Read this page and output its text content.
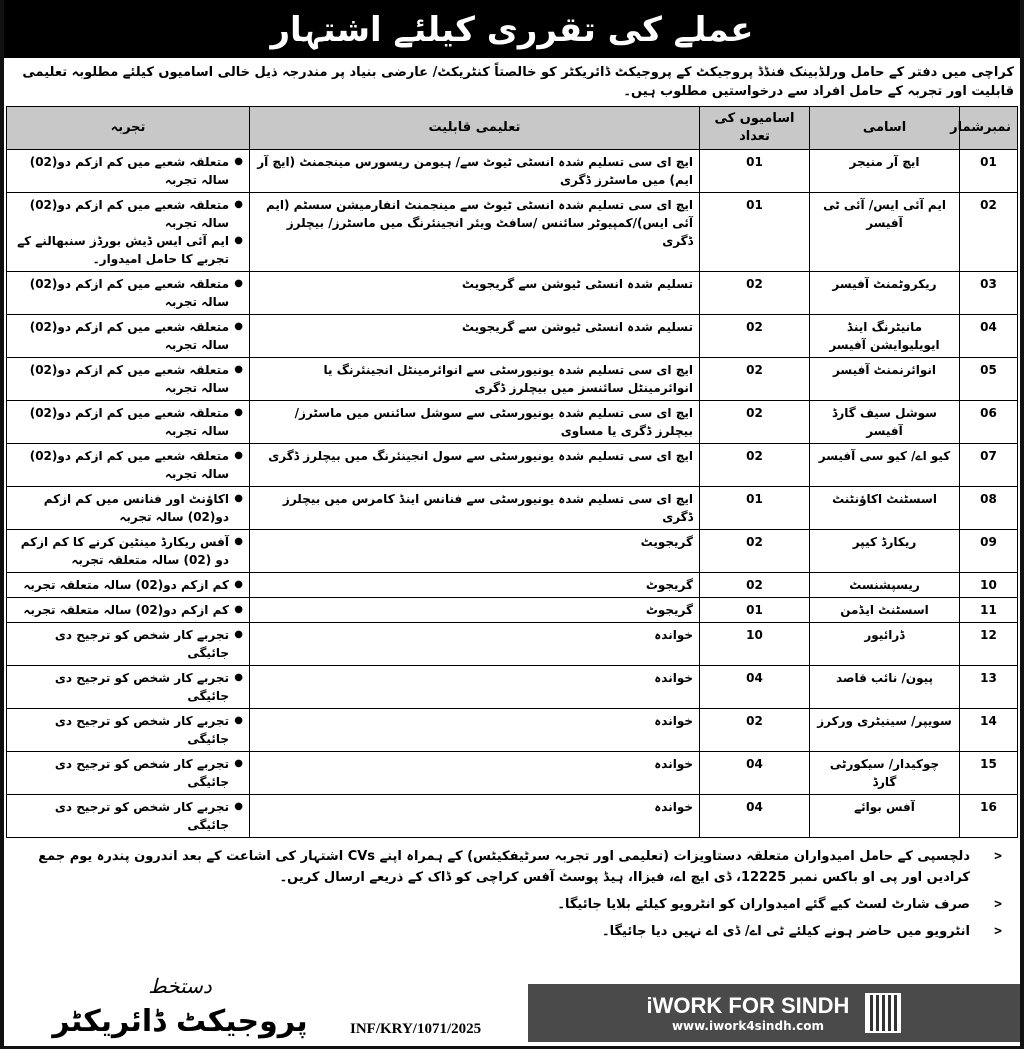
عملے کی تقرری کیلئے اشتہار
کراچی میں دفتر کے حامل ورلڈبینک فنڈڈ پروجیکٹ کے پروجیکٹ ڈائریکٹر کو خالصتاً کنٹریکٹ/ عارضی بنیاد پر مندرجہ ذیل خالی اسامیوں کیلئے مطلوبہ تعلیمی قابلیت اور تجربہ کے حامل افراد سے درخواستیں مطلوب ہیں۔
نمبرشمار	اسامی	اسامیوں کی تعداد	تعلیمی قابلیت	تجربہ
01	ایچ آر منیجر	01	ایچ ای سی تسلیم شدہ انسٹی ٹیوٹ سے/ ہیومن ریسورس مینجمنٹ (ایچ آر ایم) میں ماسٹرز ڈگری	● متعلقہ شعبے میں کم ازکم دو(02) سالہ تجربہ

02	ایم آئی ایس/ آئی ٹی آفیسر	01	ایچ ای سی تسلیم شدہ انسٹی ٹیوٹ سے مینجمنٹ انفارمیشن سسٹم (ایم آئی ایس)/کمپیوٹر سائنس /سافٹ ویئر انجینئرنگ میں ماسٹرز/ بیچلرز ڈگری	● متعلقہ شعبے میں کم ازکم دو(02) سالہ تجربہ
● ایم آئی ایس ڈیش بورڈز سنبھالنے کے تجربے کا حامل امیدوار۔

03	ریکروٹمنٹ آفیسر	02	تسلیم شدہ انسٹی ٹیوشن سے گریجویٹ	● متعلقہ شعبے میں کم ازکم دو(02) سالہ تجربہ

04	مانیٹرنگ اینڈ ایویلیوایشن آفیسر	02	تسلیم شدہ انسٹی ٹیوشن سے گریجویٹ	● متعلقہ شعبے میں کم ازکم دو(02) سالہ تجربہ

05	انوائرنمنٹ آفیسر	02	ایچ ای سی تسلیم شدہ یونیورسٹی سے انوائرمینٹل انجینئرنگ یا انوائرمینٹل سائنسز میں بیچلرز ڈگری	● متعلقہ شعبے میں کم ازکم دو(02) سالہ تجربہ

06	سوشل سیف گارڈ آفیسر	02	ایچ ای سی تسلیم شدہ یونیورسٹی سے سوشل سائنس میں ماسٹرز/ بیچلرز ڈگری یا مساوی	● متعلقہ شعبے میں کم ازکم دو(02) سالہ تجربہ

07	کیو اے/ کیو سی آفیسر	02	ایچ ای سی تسلیم شدہ یونیورسٹی سے سول انجینئرنگ میں بیچلرز ڈگری	● متعلقہ شعبے میں کم ازکم دو(02) سالہ تجربہ

08	اسسٹنٹ اکاؤنٹنٹ	01	ایچ ای سی تسلیم شدہ یونیورسٹی سے فنانس اینڈ کامرس میں بیچلرز ڈگری	● اکاؤنٹ اور فنانس میں کم ازکم دو(02) سالہ تجربہ

09	ریکارڈ کیپر	02	گریجویٹ	● آفس ریکارڈ مینٹین کرنے کا کم ازکم دو (02) سالہ متعلقہ تجربہ

10	ریسپشنسٹ	02	گریجوٹ	● کم ازکم دو(02) سالہ متعلقہ تجربہ

11	اسسٹنٹ ایڈمن	01	گریجوٹ	● کم ازکم دو(02) سالہ متعلقہ تجربہ

12	ڈرائیور	10	خواندہ	● تجربے کار شخص کو ترجیح دی جائیگی

13	پیون/ نائب قاصد	04	خواندہ	● تجربے کار شخص کو ترجیح دی جائیگی

14	سویپر/ سینیٹری ورکرز	02	خواندہ	● تجربے کار شخص کو ترجیح دی جائیگی

15	چوکیدار/ سیکورٹی گارڈ	04	خواندہ	● تجربے کار شخص کو ترجیح دی جائیگی

16	آفس بوائے	04	خواندہ	● تجربے کار شخص کو ترجیح دی جائیگی
< دلچسپی کے حامل امیدواران متعلقہ دستاویزات (تعلیمی اور تجربہ سرٹیفکیٹس) کے ہمراہ اپنے CVs اشتہار کی اشاعت کے بعد اندرون پندرہ یوم جمع کرادیں اور پی او باکس نمبر 12225، ڈی ایچ اے، فیزII، ہیڈ پوسٹ آفس کراچی کو ڈاک کے ذریعے ارسال کریں۔
< صرف شارٹ لسٹ کیے گئے امیدواران کو انٹرویو کیلئے بلایا جائیگا۔
< انٹرویو میں حاضر ہونے کیلئے ٹی اے/ ڈی اے نہیں دیا جائیگا۔
دستخط
پروجیکٹ ڈائریکٹر	INF/KRY/1071/2025
iWORK FOR SINDH
www.iwork4sindh.com
